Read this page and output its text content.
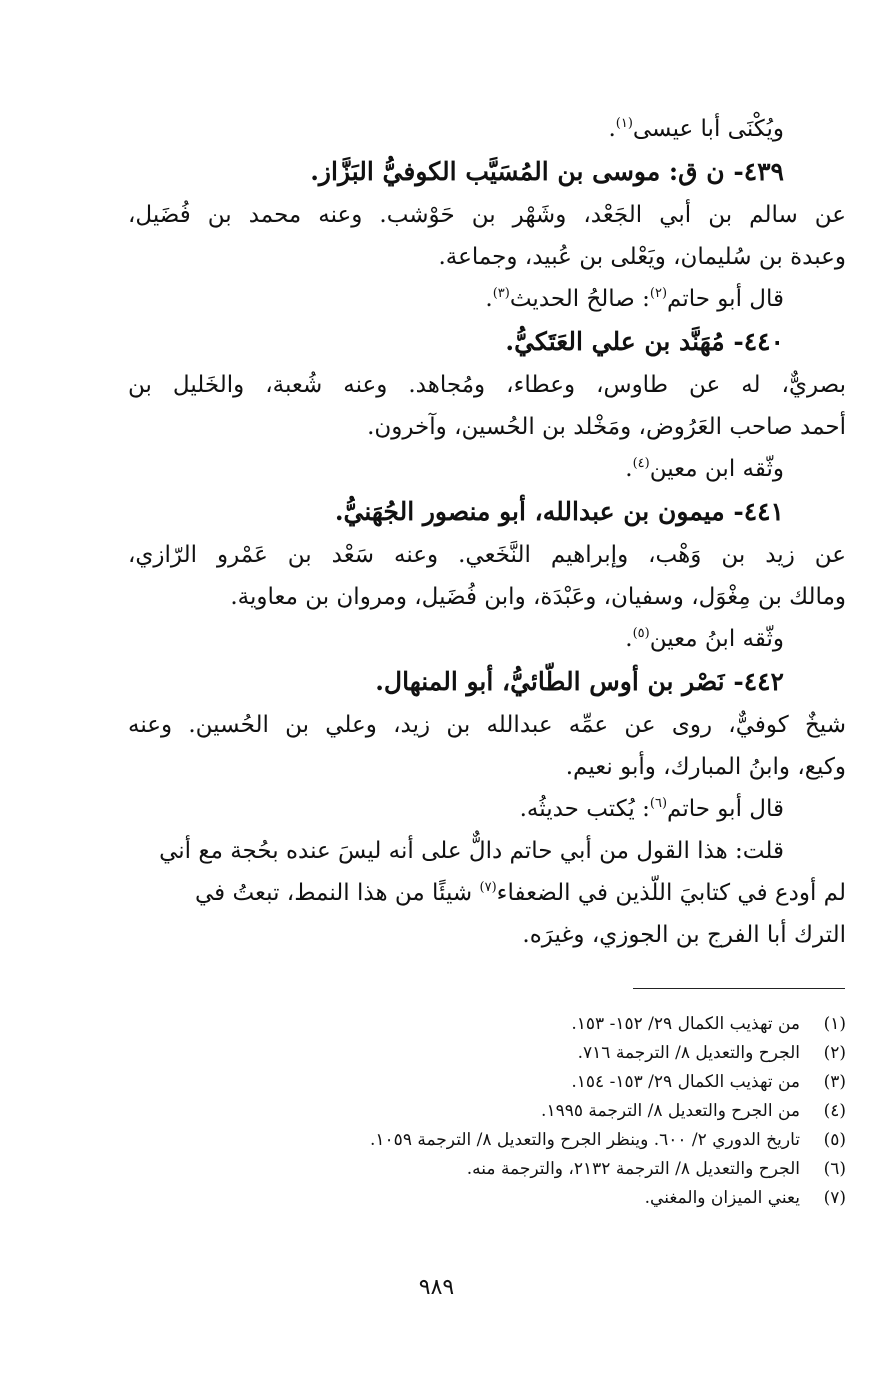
ويُكْنَى أبا عيسى$^{(١)}$.
٤٣٩- ن ق: موسى بن المُسَيَّب الكوفيُّ البَزَّاز.
عن سالم بن أبي الجَعْد، وشَهْر بن حَوْشب. وعنه محمد بن فُضَيل،
وعبدة بن سُليمان، ويَعْلى بن عُبيد، وجماعة.
قال أبو حاتم$^{(٢)}$: صالحُ الحديث$^{(٣)}$.
٤٤٠- مُهَنَّد بن علي العَتَكيُّ.
بصريٌّ، له عن طاوس، وعطاء، ومُجاهد. وعنه شُعبة، والخَليل بن
أحمد صاحب العَرُوض، ومَخْلد بن الحُسين، وآخرون.
وثّقه ابن معين$^{(٤)}$.
٤٤١- ميمون بن عبدالله، أبو منصور الجُهَنيُّ.
عن زيد بن وَهْب، وإبراهيم النَّخَعي. وعنه سَعْد بن عَمْرو الرّازي،
ومالك بن مِغْوَل، وسفيان، وعَبْدَة، وابن فُضَيل، ومروان بن معاوية.
وثّقه ابنُ معين$^{(٥)}$.
٤٤٢- نَصْر بن أوس الطّائيُّ، أبو المنهال.
شيخٌ كوفيٌّ، روى عن عمِّه عبدالله بن زيد، وعلي بن الحُسين. وعنه
وكيع، وابنُ المبارك، وأبو نعيم.
قال أبو حاتم$^{(٦)}$: يُكتب حديثُه.
قلت: هذا القول من أبي حاتم دالٌّ على أنه ليسَ عنده بحُجة مع أني
لم أودع في كتابيَ اللّذين في الضعفاء$^{(٧)}$ شيئًا من هذا النمط، تبعتُ في
الترك أبا الفرج بن الجوزي، وغيرَه.
(١)من تهذيب الكمال ٢٩/ ١٥٢- ١٥٣.
(٢)الجرح والتعديل ٨/ الترجمة ٧١٦.
(٣)من تهذيب الكمال ٢٩/ ١٥٣- ١٥٤.
(٤)من الجرح والتعديل ٨/ الترجمة ١٩٩٥.
(٥)تاريخ الدوري ٢/ ٦٠٠. وينظر الجرح والتعديل ٨/ الترجمة ١٠٥٩.
(٦)الجرح والتعديل ٨/ الترجمة ٢١٣٢، والترجمة منه.
(٧)يعني الميزان والمغني.
٩٨٩
